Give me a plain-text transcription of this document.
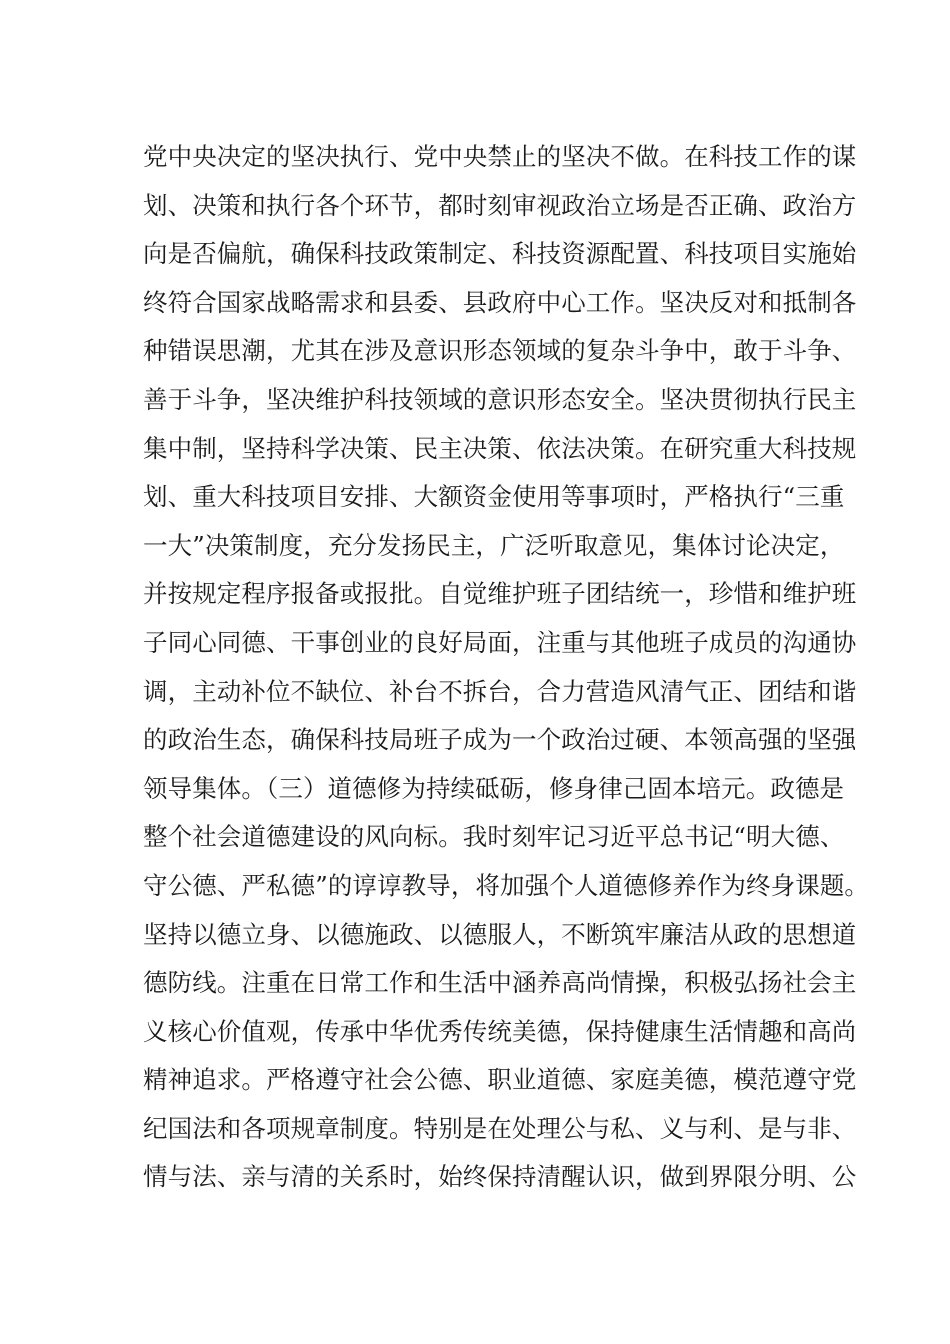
党中央决定的坚决执行、党中央禁止的坚决不做。在科技工作的谋
划、决策和执行各个环节，都时刻审视政治立场是否正确、政治方
向是否偏航，确保科技政策制定、科技资源配置、科技项目实施始
终符合国家战略需求和县委、县政府中心工作。坚决反对和抵制各
种错误思潮，尤其在涉及意识形态领域的复杂斗争中，敢于斗争、
善于斗争，坚决维护科技领域的意识形态安全。坚决贯彻执行民主
集中制，坚持科学决策、民主决策、依法决策。在研究重大科技规
划、重大科技项目安排、大额资金使用等事项时，严格执行“三重
一大”决策制度，充分发扬民主，广泛听取意见，集体讨论决定，
并按规定程序报备或报批。自觉维护班子团结统一，珍惜和维护班
子同心同德、干事创业的良好局面，注重与其他班子成员的沟通协
调，主动补位不缺位、补台不拆台，合力营造风清气正、团结和谐
的政治生态，确保科技局班子成为一个政治过硬、本领高强的坚强
领导集体。（三）道德修为持续砥砺，修身律己固本培元。政德是
整个社会道德建设的风向标。我时刻牢记习近平总书记“明大德、
守公德、严私德”的谆谆教导，将加强个人道德修养作为终身课题。
坚持以德立身、以德施政、以德服人，不断筑牢廉洁从政的思想道
德防线。注重在日常工作和生活中涵养高尚情操，积极弘扬社会主
义核心价值观，传承中华优秀传统美德，保持健康生活情趣和高尚
精神追求。严格遵守社会公德、职业道德、家庭美德，模范遵守党
纪国法和各项规章制度。特别是在处理公与私、义与利、是与非、
情与法、亲与清的关系时，始终保持清醒认识，做到界限分明、公
